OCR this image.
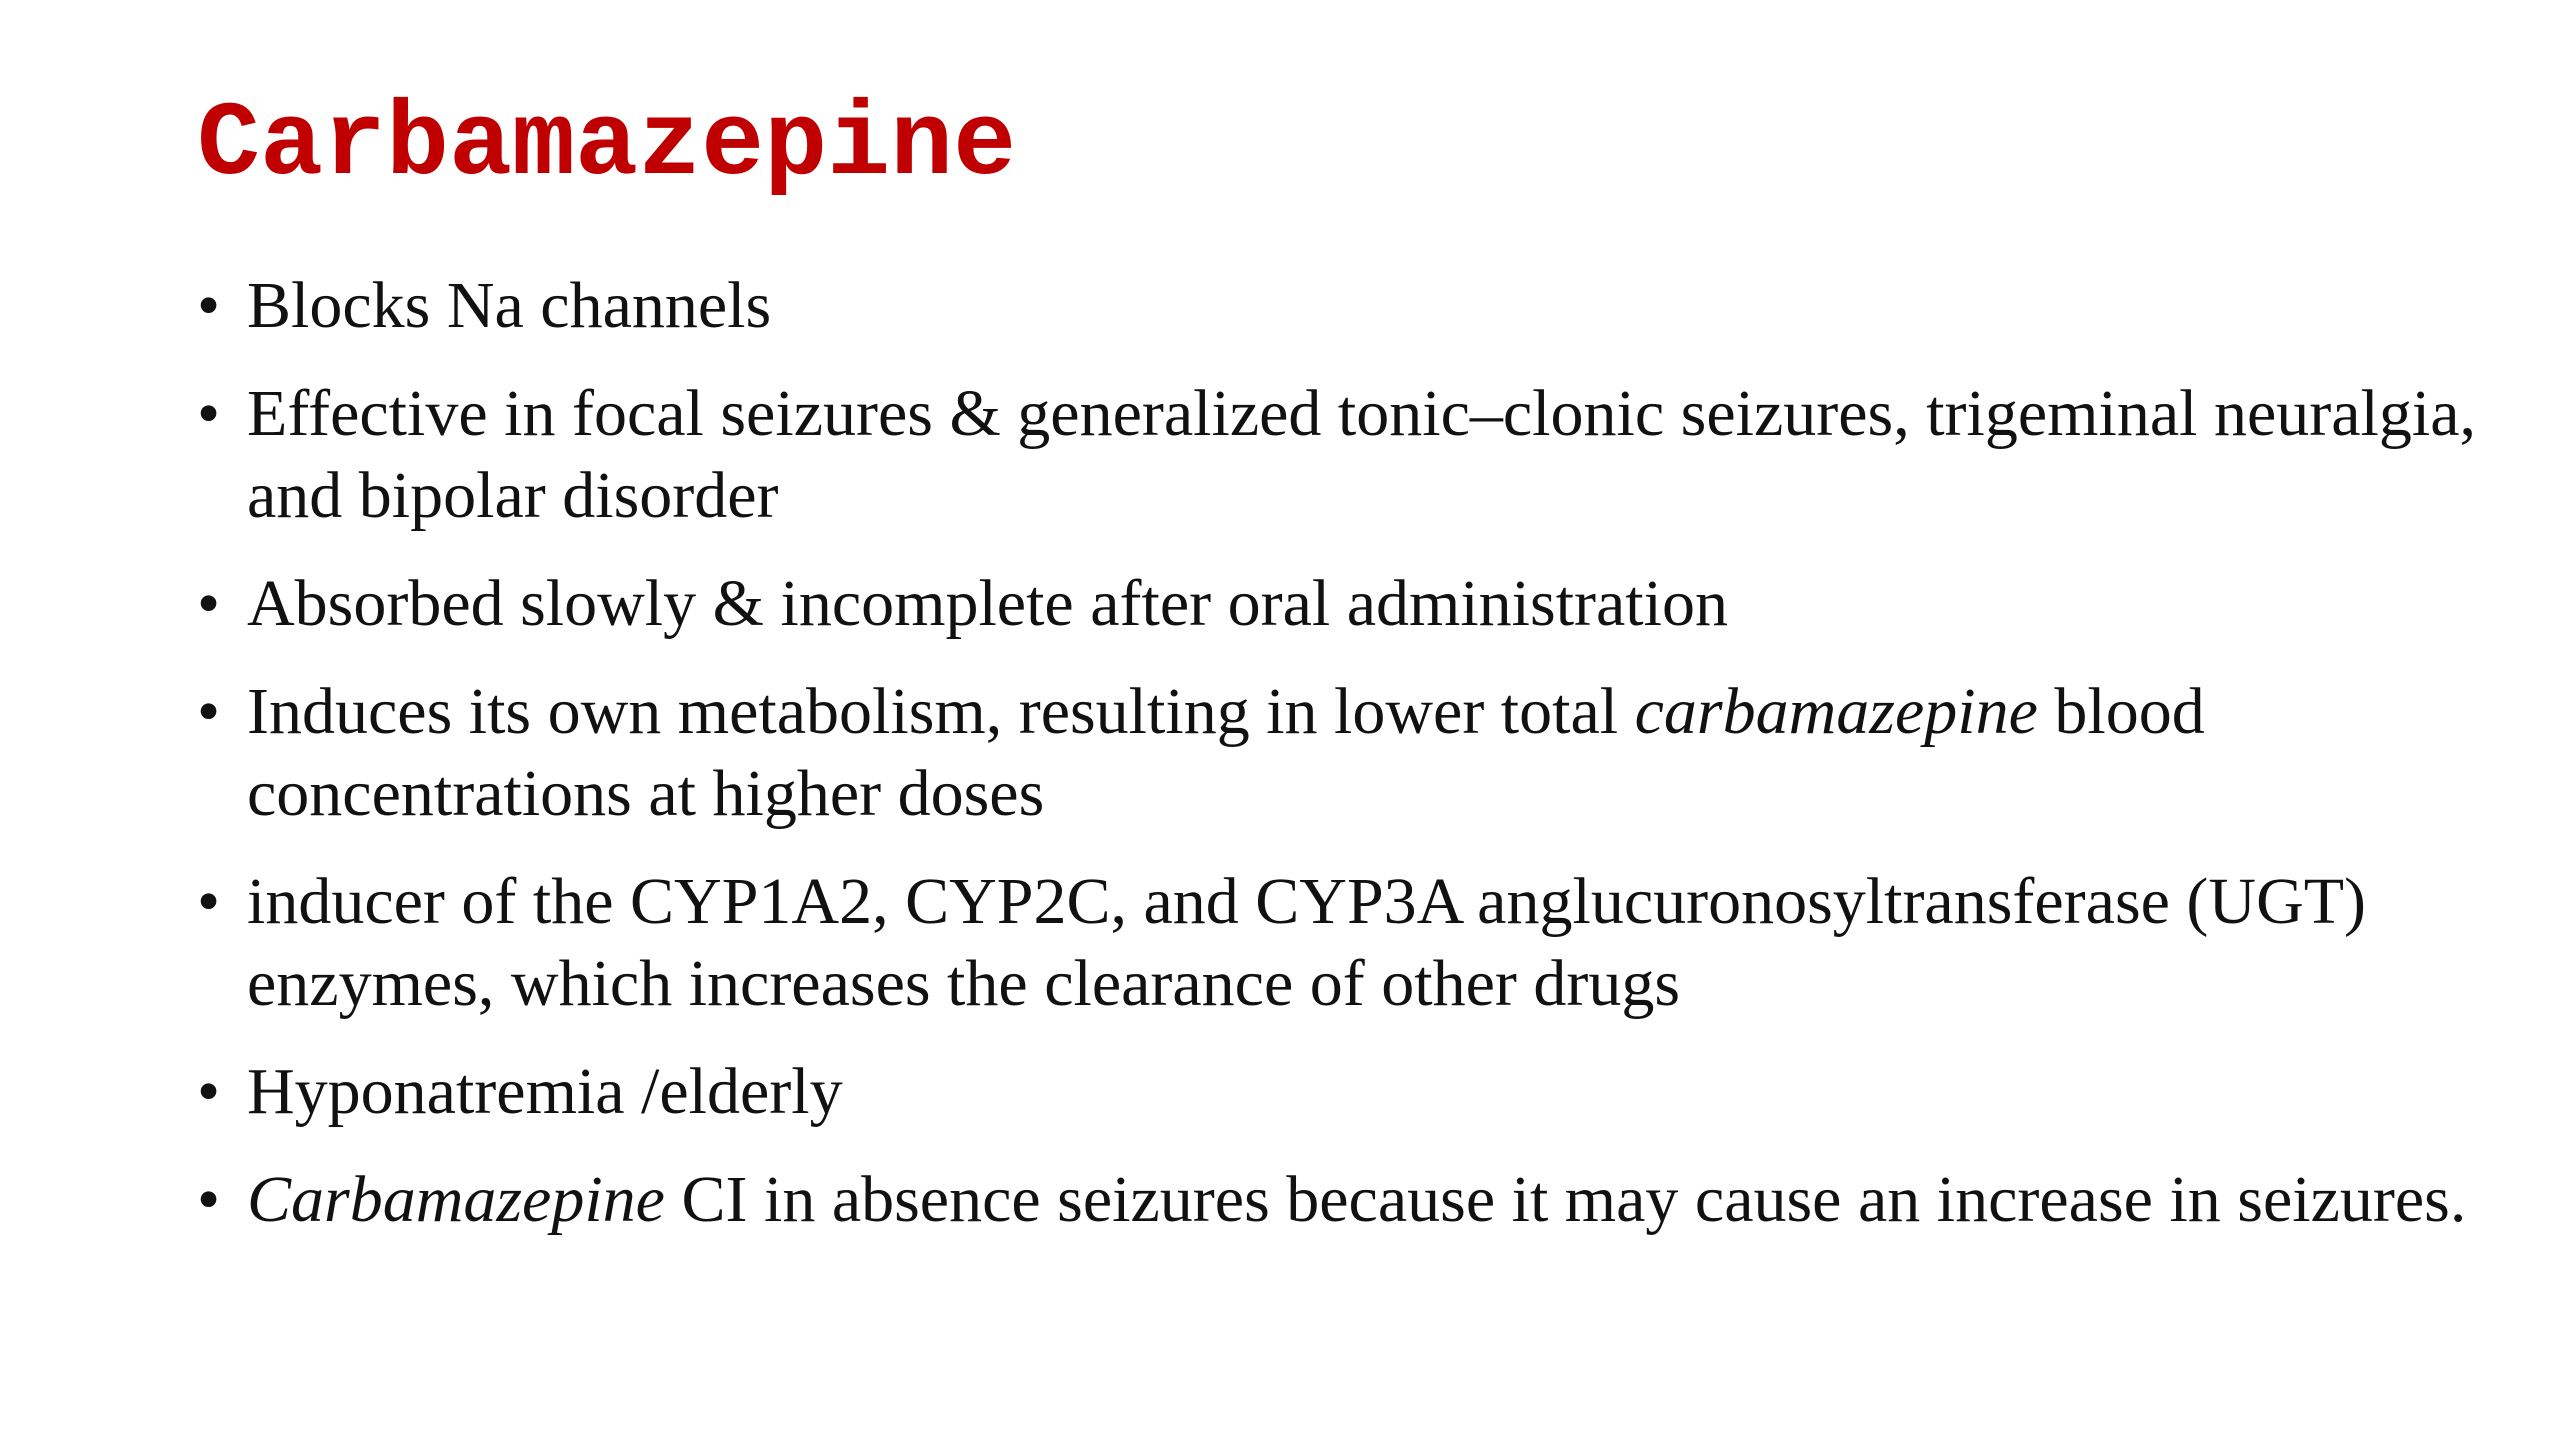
Carbamazepine
•
Blocks Na channels
•
Effective in focal seizures & generalized tonic–clonic seizures, trigeminal neuralgia, and bipolar disorder
•
Absorbed slowly & incomplete after oral administration
•
Induces its own metabolism, resulting in lower total carbamazepine blood concentrations at higher doses
•
inducer of the CYP1A2, CYP2C, and CYP3A anglucuronosyltransferase (UGT) enzymes, which increases the clearance of other drugs
•
Hyponatremia /elderly
•
Carbamazepine CI in absence seizures because it may cause an increase in seizures.
